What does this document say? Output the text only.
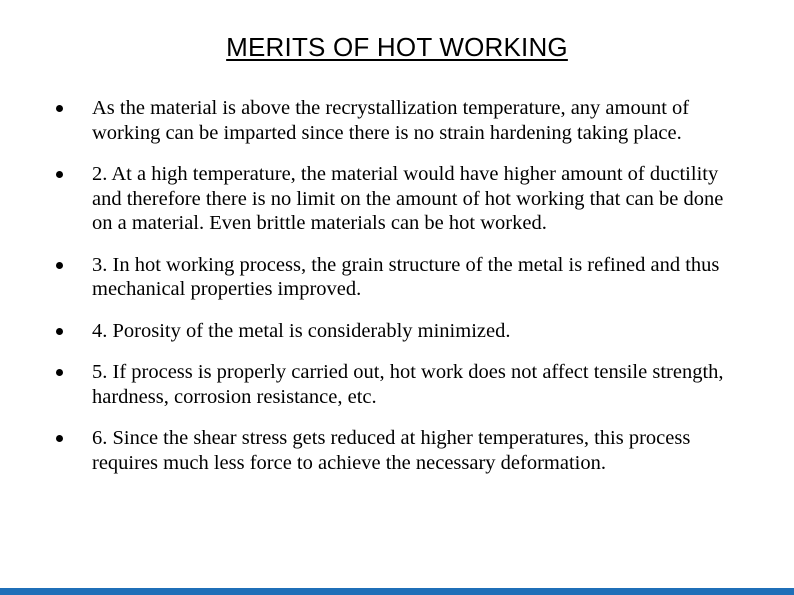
MERITS OF HOT WORKING
As the material is above the recrystallization temperature, any amount of working can be imparted since there is no strain hardening taking place.
2. At a high temperature, the material would have higher amount of ductility and therefore there is no limit on the amount of hot working that can be done on a material. Even brittle materials can be hot worked.
3. In hot working process, the grain structure of the metal is refined and thus mechanical properties improved.
4. Porosity of the metal is considerably minimized.
5. If process is properly carried out, hot work does not affect tensile strength, hardness, corrosion resistance, etc.
6. Since the shear stress gets reduced at higher temperatures, this process requires much less force to achieve the necessary deformation.
